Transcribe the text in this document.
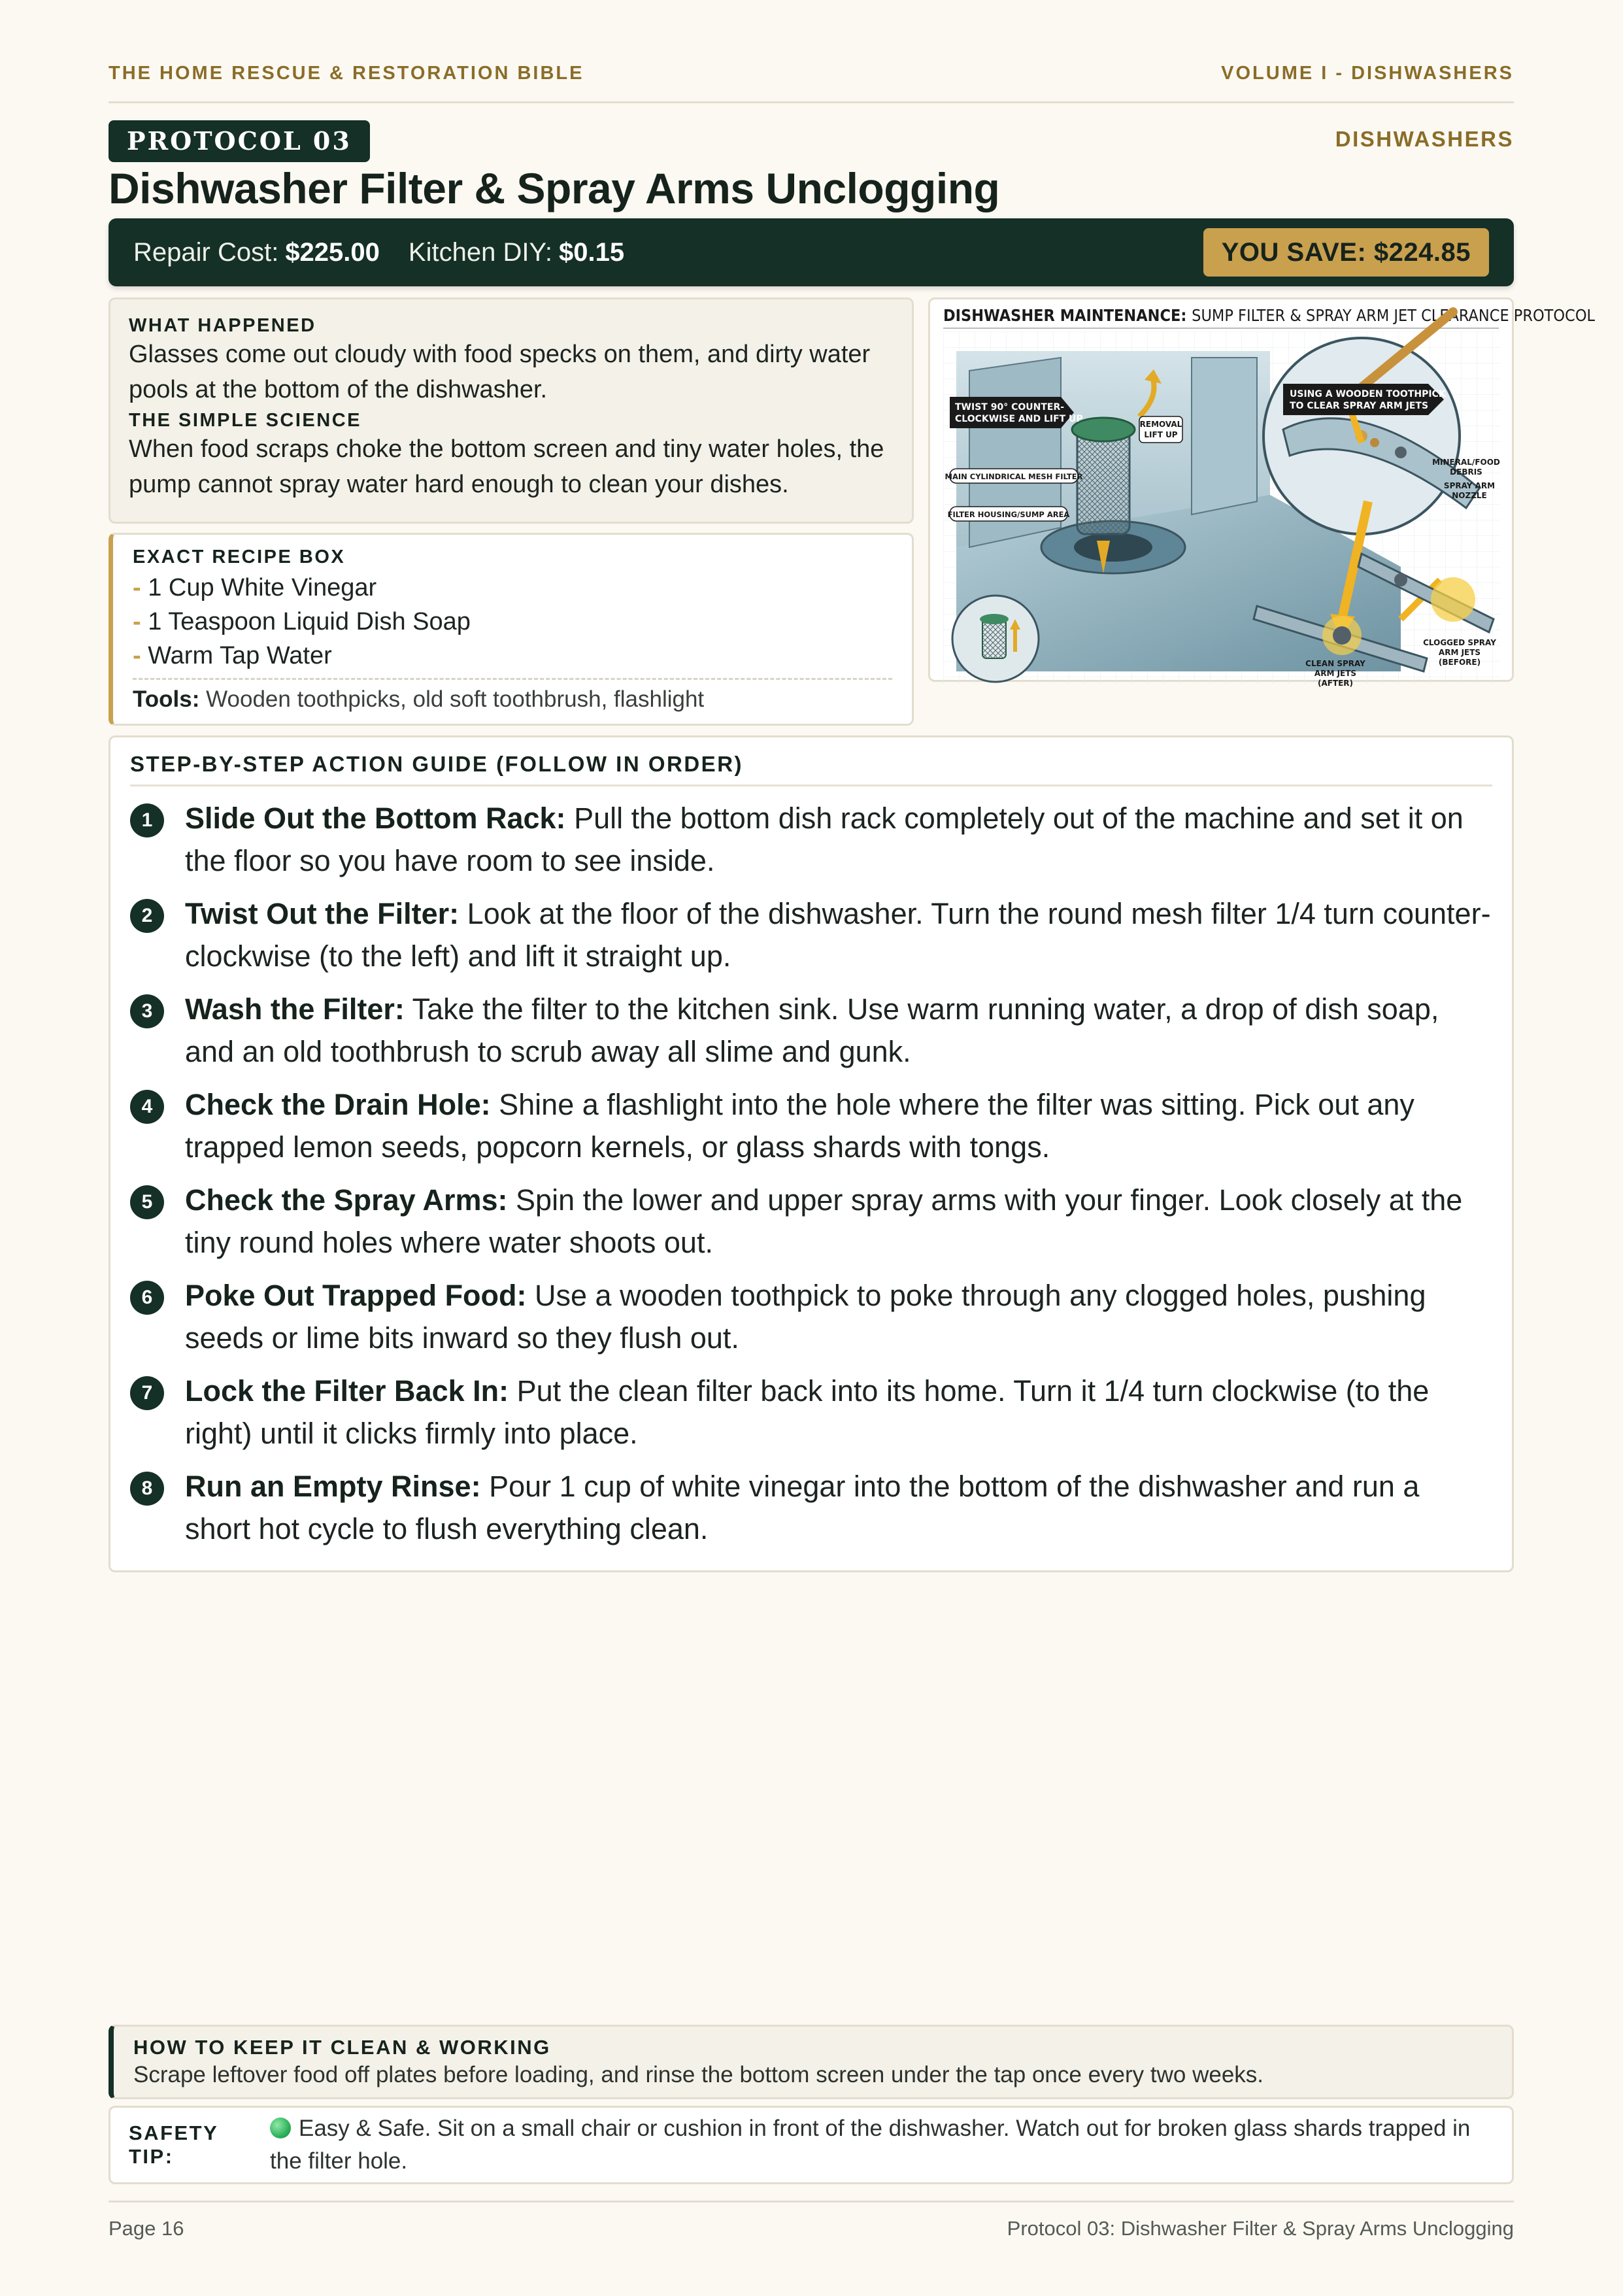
THE HOME RESCUE & RESTORATION BIBLE	VOLUME I - DISHWASHERS
PROTOCOL 03	DISHWASHERS
Dishwasher Filter & Spray Arms Unclogging
Repair Cost: $225.00 Kitchen DIY: $0.15	YOU SAVE: $224.85
WHAT HAPPENED
Glasses come out cloudy with food specks on them, and dirty water pools at the bottom of the dishwasher.
THE SIMPLE SCIENCE
When food scraps choke the bottom screen and tiny water holes, the pump cannot spray water hard enough to clean your dishes.
EXACT RECIPE BOX
- 1 Cup White Vinegar
- 1 Teaspoon Liquid Dish Soap
- Warm Tap Water
Tools: Wooden toothpicks, old soft toothbrush, flashlight
DISHWASHER MAINTENANCE: SUMP FILTER & SPRAY ARM JET CLEARANCE PROTOCOL
TWIST 90° COUNTER-
CLOCKWISE AND LIFT UP	REMOVAL
LIFT UP
MAIN CYLINDRICAL MESH FILTER
FILTER HOUSING/SUMP AREA
USING A WOODEN TOOTHPICK
TO CLEAR SPRAY ARM JETS
MINERAL/FOOD
DEBRIS
SPRAY ARM
NOZZLE
CLOGGED SPRAY
ARM JETS
(BEFORE)
CLEAN SPRAY
ARM JETS
(AFTER)
STEP-BY-STEP ACTION GUIDE (FOLLOW IN ORDER)
1	Slide Out the Bottom Rack: Pull the bottom dish rack completely out of the machine and set it on the floor so you have room to see inside.
2	Twist Out the Filter: Look at the floor of the dishwasher. Turn the round mesh filter 1/4 turn counter-clockwise (to the left) and lift it straight up.
3	Wash the Filter: Take the filter to the kitchen sink. Use warm running water, a drop of dish soap, and an old toothbrush to scrub away all slime and gunk.
4	Check the Drain Hole: Shine a flashlight into the hole where the filter was sitting. Pick out any trapped lemon seeds, popcorn kernels, or glass shards with tongs.
5	Check the Spray Arms: Spin the lower and upper spray arms with your finger. Look closely at the tiny round holes where water shoots out.
6	Poke Out Trapped Food: Use a wooden toothpick to poke through any clogged holes, pushing seeds or lime bits inward so they flush out.
7	Lock the Filter Back In: Put the clean filter back into its home. Turn it 1/4 turn clockwise (to the right) until it clicks firmly into place.
8	Run an Empty Rinse: Pour 1 cup of white vinegar into the bottom of the dishwasher and run a short hot cycle to flush everything clean.
HOW TO KEEP IT CLEAN & WORKING
Scrape leftover food off plates before loading, and rinse the bottom screen under the tap once every two weeks.
SAFETY TIP:
Easy & Safe. Sit on a small chair or cushion in front of the dishwasher. Watch out for broken glass shards trapped in the filter hole.
Page 16	Protocol 03: Dishwasher Filter & Spray Arms Unclogging
